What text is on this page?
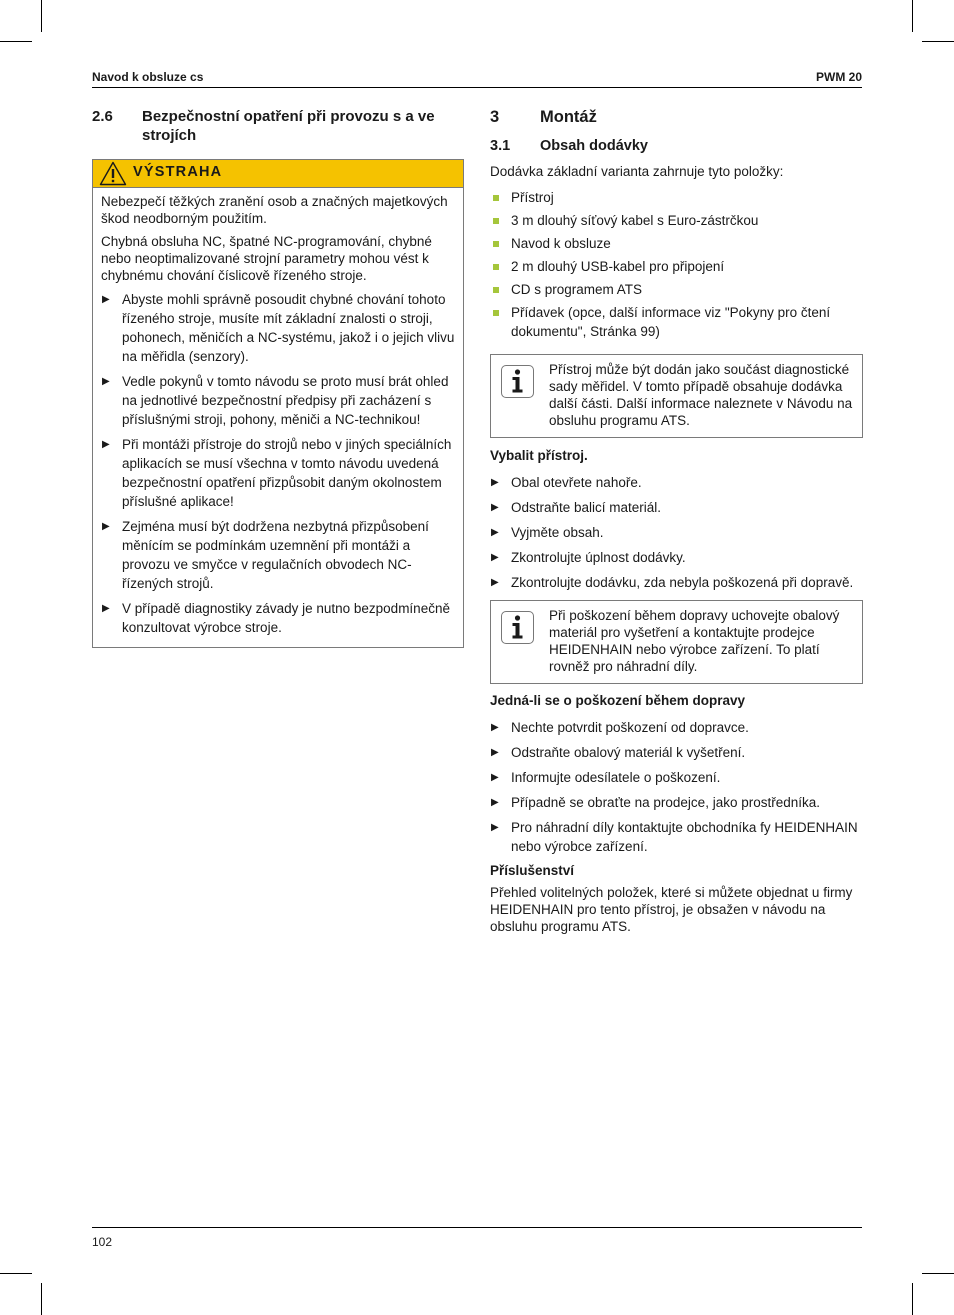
Navod k obsluze cs	PWM 20
2.6	Bezpečnostní opatření při provozu s a ve strojích
VÝSTRAHA

Nebezpečí těžkých zranění osob a značných majetkových škod neodborným použitím.

Chybná obsluha NC, špatné NC-programování, chybné nebo neoptimalizované strojní parametry mohou vést k chybnému chování číslicově řízeného stroje.

▶ Abyste mohli správně posoudit chybné chování tohoto řízeného stroje, musíte mít základní znalosti o stroji, pohonech, měničích a NC-systému, jakož i o jejich vlivu na měřidla (senzory).
▶ Vedle pokynů v tomto návodu se proto musí brát ohled na jednotlivé bezpečnostní předpisy při zacházení s příslušnými stroji, pohony, měniči a NC-technikou!
▶ Při montáži přístroje do strojů nebo v jiných speciálních aplikacích se musí všechna v tomto návodu uvedená bezpečnostní opatření přizpůsobit daným okolnostem příslušné aplikace!
▶ Zejména musí být dodržena nezbytná přizpůsobení měnícím se podmínkám uzemnění při montáži a provozu ve smyčce v regulačních obvodech NC-řízených strojů.
▶ V případě diagnostiky závady je nutno bezpodmínečně konzultovat výrobce stroje.
3	Montáž
3.1	Obsah dodávky

Dodávka základní varianta zahrnuje tyto položky:

Přístroj
3 m dlouhý síťový kabel s Euro-zástrčkou
Navod k obsluze
2 m dlouhý USB-kabel pro připojení
CD s programem ATS
Přídavek (opce, další informace viz "Pokyny pro čtení dokumentu", Stránka 99)
Přístroj může být dodán jako součást diagnostické sady měřidel. V tomto případě obsahuje dodávka další části. Další informace naleznete v Návodu na obsluhu programu ATS.

Vybalit přístroj.

▶ Obal otevřete nahoře.
▶ Odstraňte balicí materiál.
▶ Vyjměte obsah.
▶ Zkontrolujte úplnost dodávky.
▶ Zkontrolujte dodávku, zda nebyla poškozená při dopravě.
Při poškození během dopravy uchovejte obalový materiál pro vyšetření a kontaktujte prodejce HEIDENHAIN nebo výrobce zařízení. To platí rovněž pro náhradní díly.

Jedná-li se o poškození během dopravy

▶ Nechte potvrdit poškození od dopravce.
▶ Odstraňte obalový materiál k vyšetření.
▶ Informujte odesílatele o poškození.
▶ Případně se obraťte na prodejce, jako prostředníka.
▶ Pro náhradní díly kontaktujte obchodníka fy HEIDENHAIN nebo výrobce zařízení.

Příslušenství

Přehled volitelných položek, které si můžete objednat u firmy HEIDENHAIN pro tento přístroj, je obsažen v návodu na obsluhu programu ATS.

102
